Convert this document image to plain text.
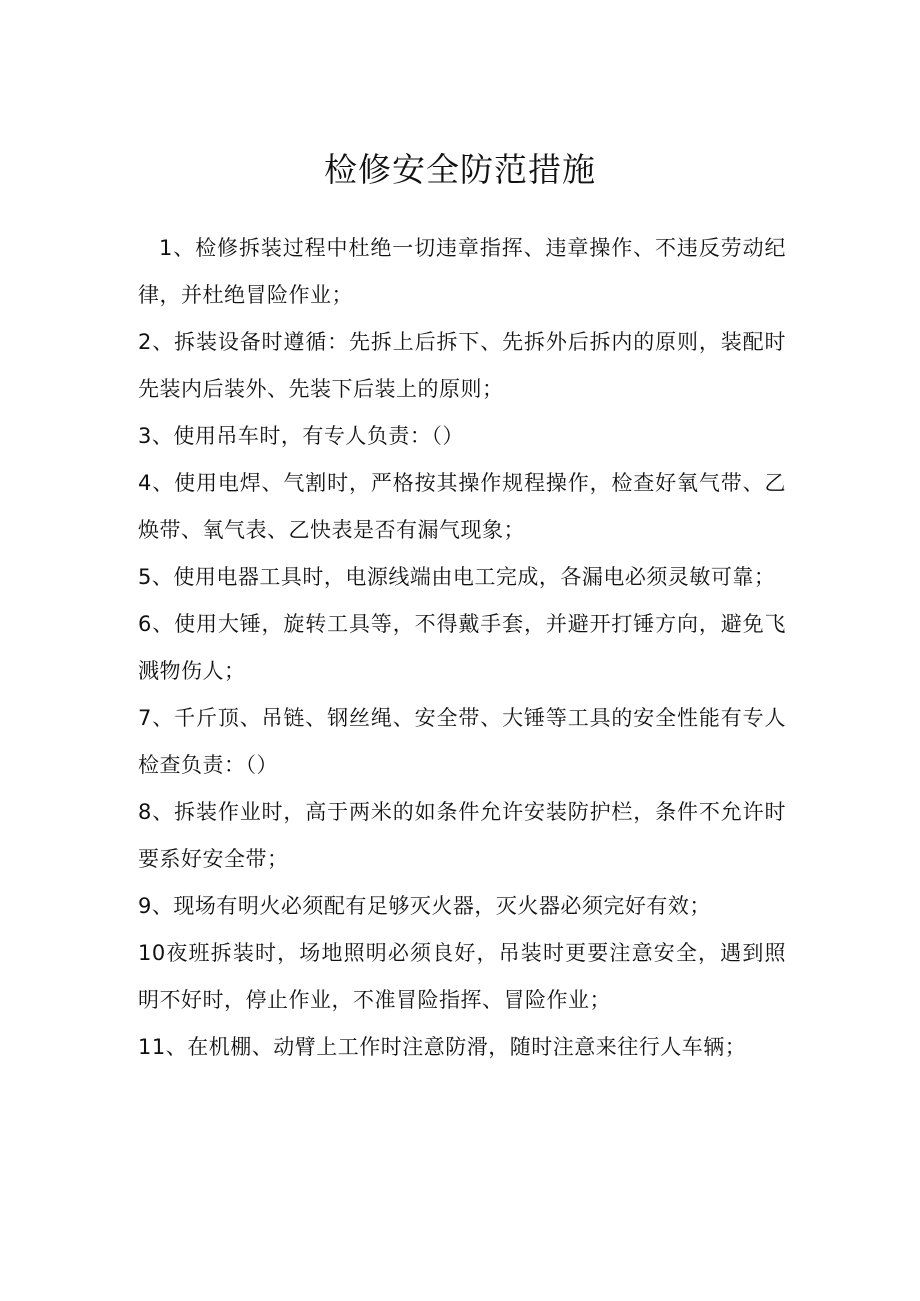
检修安全防范措施
1、检修拆装过程中杜绝一切违章指挥、违章操作、不违反劳动纪律，并杜绝冒险作业；
2、拆装设备时遵循：先拆上后拆下、先拆外后拆内的原则，装配时先装内后装外、先装下后装上的原则；
3、使用吊车时，有专人负责：（）
4、使用电焊、气割时，严格按其操作规程操作，检查好氧气带、乙焕带、氧气表、乙快表是否有漏气现象；
5、使用电器工具时，电源线端由电工完成，各漏电必须灵敏可靠；
6、使用大锤，旋转工具等，不得戴手套，并避开打锤方向，避免飞溅物伤人；
7、千斤顶、吊链、钢丝绳、安全带、大锤等工具的安全性能有专人检查负责：（）
8、拆装作业时，高于两米的如条件允许安装防护栏，条件不允许时要系好安全带；
9、现场有明火必须配有足够灭火器，灭火器必须完好有效；
10夜班拆装时，场地照明必须良好，吊装时更要注意安全，遇到照明不好时，停止作业，不准冒险指挥、冒险作业；
11、在机棚、动臂上工作时注意防滑，随时注意来往行人车辆；
